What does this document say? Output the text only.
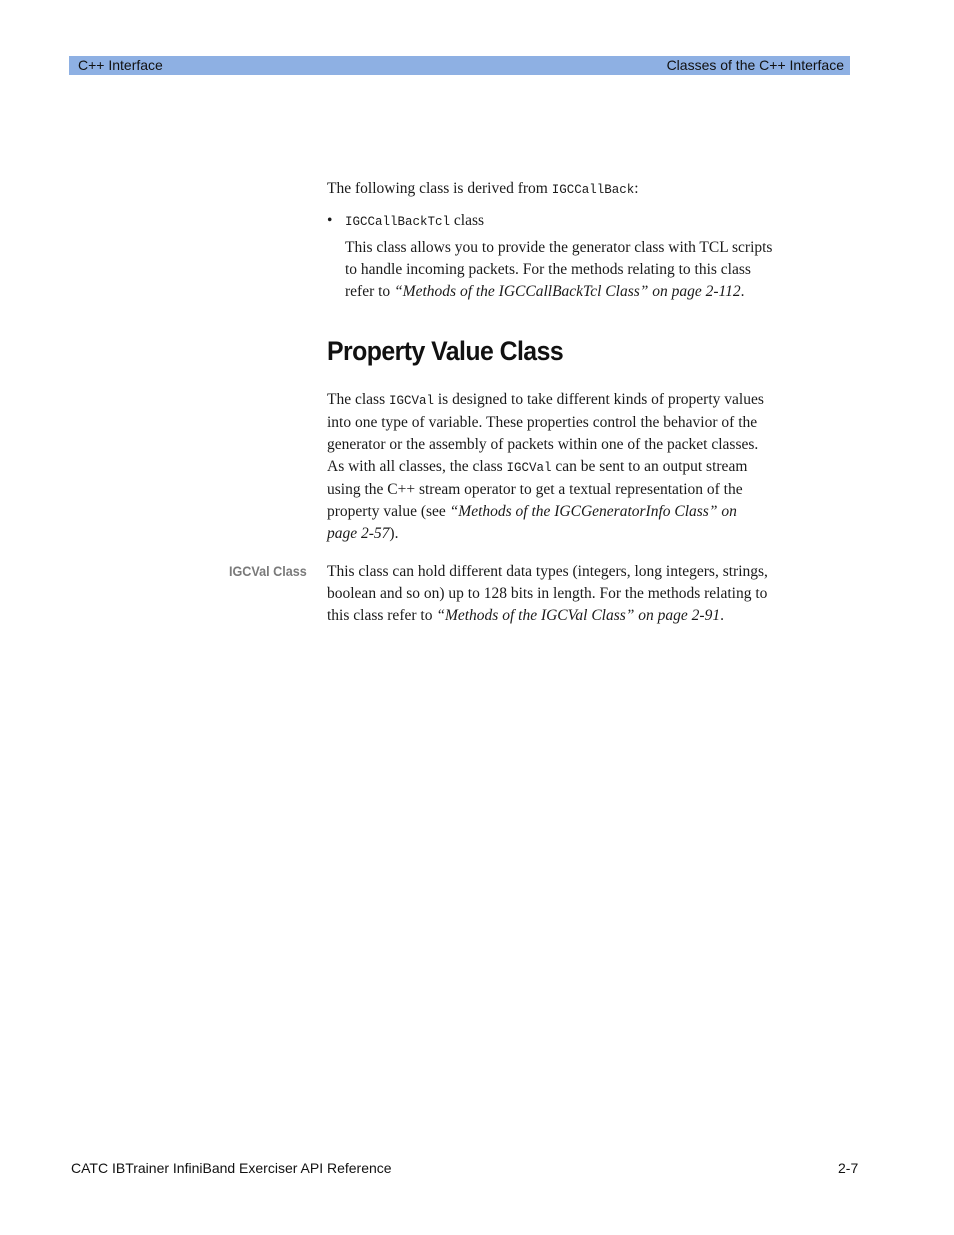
C++ Interface	Classes of the C++ Interface

The following class is derived from IGCCallBack:

• IGCCallBackTcl class

This class allows you to provide the generator class with TCL scripts
to handle incoming packets. For the methods relating to this class
refer to “Methods of the IGCCallBackTcl Class” on page 2-112.

Property Value Class

The class IGCVal is designed to take different kinds of property values
into one type of variable. These properties control the behavior of the
generator or the assembly of packets within one of the packet classes.
As with all classes, the class IGCVal can be sent to an output stream
using the C++ stream operator to get a textual representation of the
property value (see “Methods of the IGCGeneratorInfo Class” on
page 2-57).

IGCVal Class This class can hold different data types (integers, long integers, strings,
boolean and so on) up to 128 bits in length. For the methods relating to
this class refer to “Methods of the IGCVal Class” on page 2-91.

CATC IBTrainer InfiniBand Exerciser API Reference	2-7
